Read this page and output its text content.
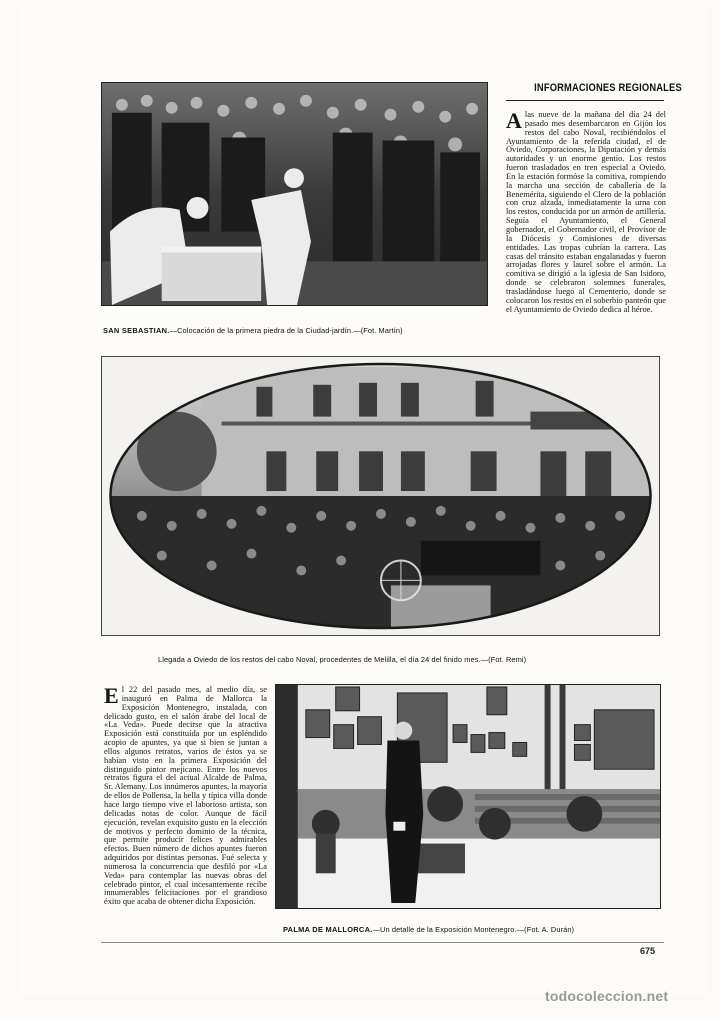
SAN SEBASTIAN.—Colocación de la primera piedra de la Ciudad-jardín.—(Fot. Martín)
INFORMACIONES REGIONALES
Alas nueve de la mañana del día 24 del pasado mes desembarcaron en Gijón los restos del cabo Noval, recibiéndolos el Ayuntamiento de la referida ciudad, el de Oviedo, Corporaciones, la Diputación y demás autoridades y un enorme gentío. Los restos fueron trasladados en tren especial a Oviedo. En la estación formóse la comitiva, rompiendo la marcha una sección de caballería de la Benemérita, siguiendo el Clero de la población con cruz alzada, inmediatamente la urna con los restos, conducida por un armón de artillería. Seguía el Ayuntamiento, el General gobernador, el Gobernador civil, el Provisor de la Diócesis y Comisiones de diversas entidades. Las tropas cubrían la carrera. Las casas del tránsito estaban engalanadas y fueron arrojadas flores y laurel sobre el armón. La comitiva se dirigió a la iglesia de San Isidoro, donde se celebraron solemnes funerales, trasladándose luego al Cementerio, donde se colocaron los restos en el soberbio panteón que el Ayuntamiento de Oviedo dedica al héroe.
Llegada a Oviedo de los restos del cabo Noval, procedentes de Melilla, el día 24 del finido mes.—(Fot. Remi)
El 22 del pasado mes, al medio día, se inauguró en Palma de Mallorca la Exposición Montenegro, instalada, con delicado gusto, en el salón árabe del local de «La Veda». Puede decirse que la atractiva Exposición está constituída por un espléndido acopio de apuntes, ya que si bien se juntan a ellos algunos retratos, varios de éstos ya se habían visto en la primera Exposición del distinguido pintor mejicano. Entre los nuevos retratos figura el del actual Alcalde de Palma, Sr. Alemany. Los innúmeros apuntes, la mayoría de ellos de Pollensa, la bella y típica villa donde hace largo tiempo vive el laborioso artista, son delicadas notas de color. Aunque de fácil ejecución, revelan exquisito gusto en la elección de motivos y perfecto dominio de la técnica, que permite producir felices y admirables efectos. Buen número de dichos apuntes fueron adquiridos por distintas personas. Fué selecta y numerosa la concurrencia que desfiló por «La Veda» para contemplar las nuevas obras del celebrado pintor, el cual incesantemente recibe innumerables felicitaciones por el grandioso éxito que acaba de obtener dicha Exposición.
PALMA DE MALLORCA.—Un detalle de la Exposición Montenegro.—(Fot. A. Durán)
675
todocoleccion.net
